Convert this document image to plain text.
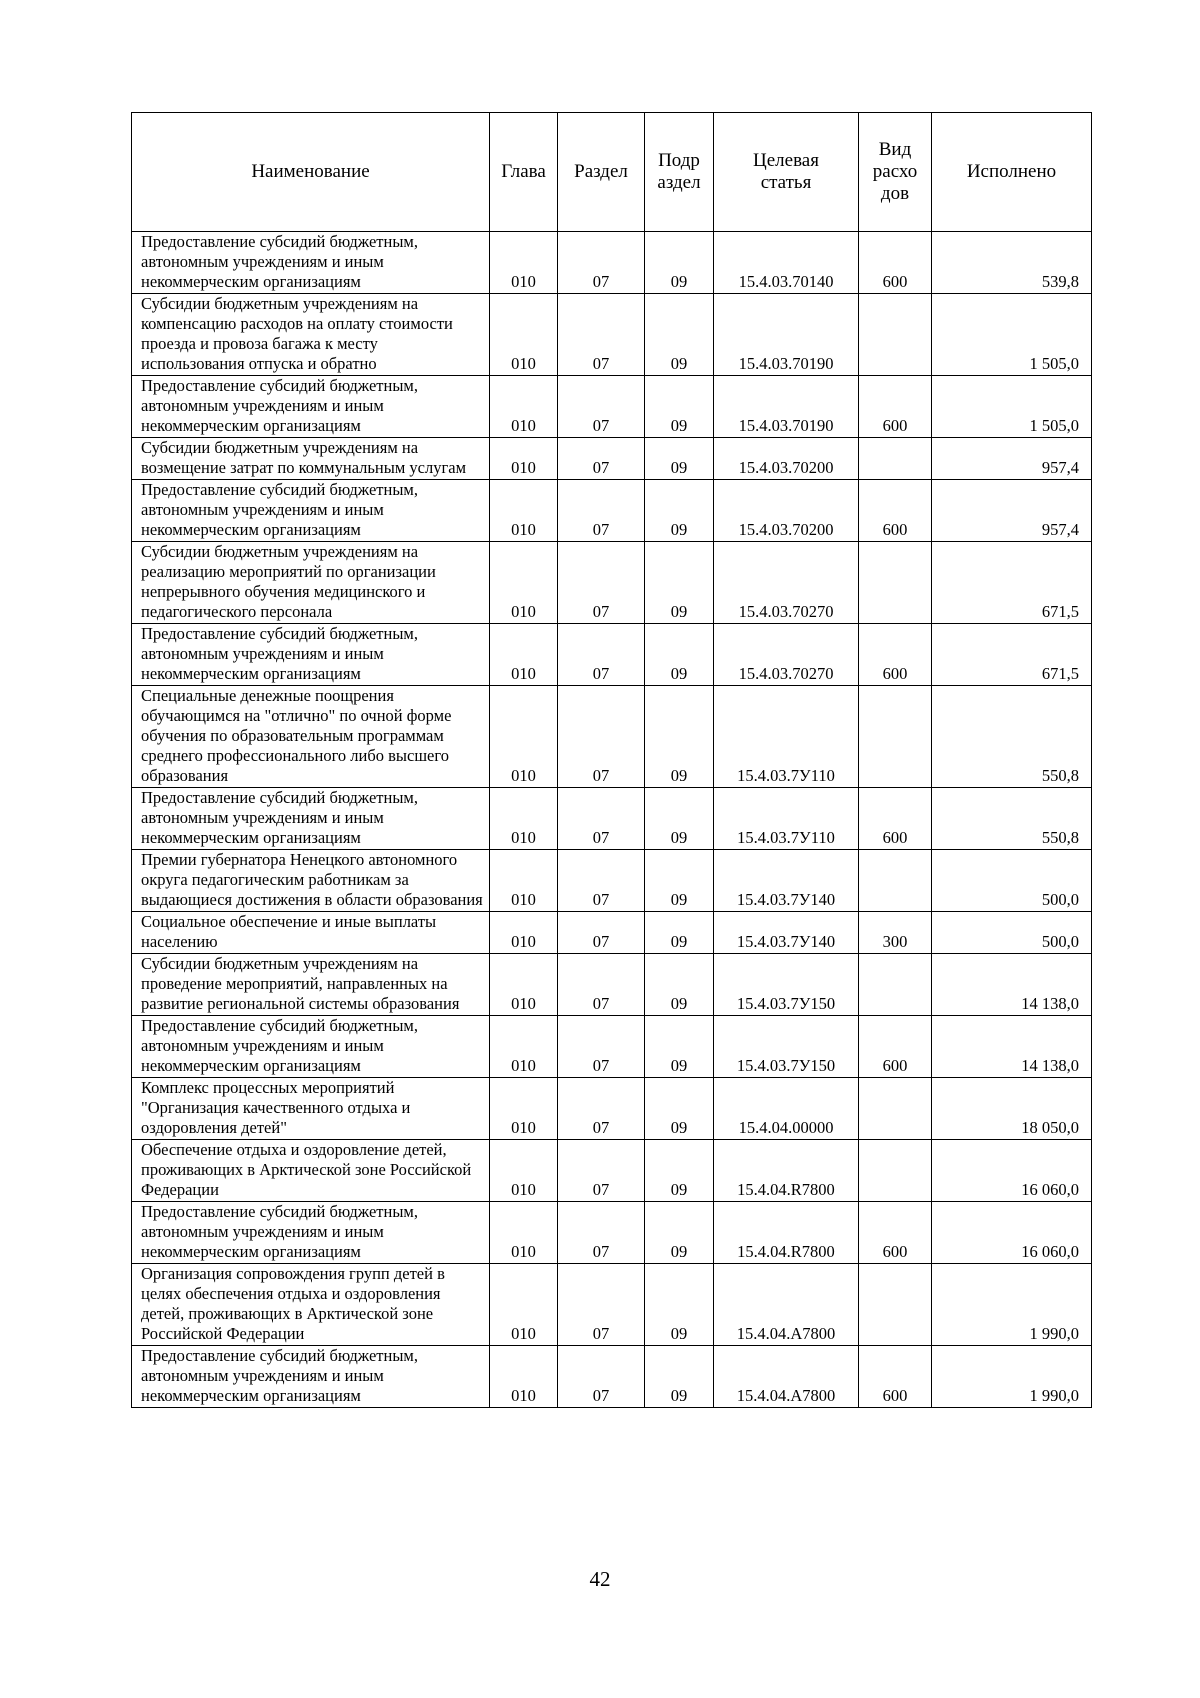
Наименование	Глава	Раздел	Подр аздел	Целевая статья	Вид расхо дов	Исполнено
Предоставление субсидий бюджетным, автономным учреждениям и иным некоммерческим организациям	010	07	09	15.4.03.70140	600	539,8
Субсидии бюджетным учреждениям на компенсацию расходов на оплату стоимости проезда и провоза багажа к месту использования отпуска и обратно	010	07	09	15.4.03.70190		1 505,0
Предоставление субсидий бюджетным, автономным учреждениям и иным некоммерческим организациям	010	07	09	15.4.03.70190	600	1 505,0
Субсидии бюджетным учреждениям на возмещение затрат по коммунальным услугам	010	07	09	15.4.03.70200		957,4
Предоставление субсидий бюджетным, автономным учреждениям и иным некоммерческим организациям	010	07	09	15.4.03.70200	600	957,4
Субсидии бюджетным учреждениям на реализацию мероприятий по организации непрерывного обучения медицинского и педагогического персонала	010	07	09	15.4.03.70270		671,5
Предоставление субсидий бюджетным, автономным учреждениям и иным некоммерческим организациям	010	07	09	15.4.03.70270	600	671,5
Специальные денежные поощрения обучающимся на "отлично" по очной форме обучения по образовательным программам среднего профессионального либо высшего образования	010	07	09	15.4.03.7У110		550,8
Предоставление субсидий бюджетным, автономным учреждениям и иным некоммерческим организациям	010	07	09	15.4.03.7У110	600	550,8
Премии губернатора Ненецкого автономного округа педагогическим работникам за выдающиеся достижения в области образования	010	07	09	15.4.03.7У140		500,0
Социальное обеспечение и иные выплаты населению	010	07	09	15.4.03.7У140	300	500,0
Субсидии бюджетным учреждениям на проведение мероприятий, направленных на развитие региональной системы образования	010	07	09	15.4.03.7У150		14 138,0
Предоставление субсидий бюджетным, автономным учреждениям и иным некоммерческим организациям	010	07	09	15.4.03.7У150	600	14 138,0
Комплекс процессных мероприятий "Организация качественного отдыха и оздоровления детей"	010	07	09	15.4.04.00000		18 050,0
Обеспечение отдыха и оздоровление детей, проживающих в Арктической зоне Российской Федерации	010	07	09	15.4.04.R7800		16 060,0
Предоставление субсидий бюджетным, автономным учреждениям и иным некоммерческим организациям	010	07	09	15.4.04.R7800	600	16 060,0
Организация сопровождения групп детей в целях обеспечения отдыха и оздоровления детей, проживающих в Арктической зоне Российской Федерации	010	07	09	15.4.04.A7800		1 990,0
Предоставление субсидий бюджетным, автономным учреждениям и иным некоммерческим организациям	010	07	09	15.4.04.A7800	600	1 990,0
42
